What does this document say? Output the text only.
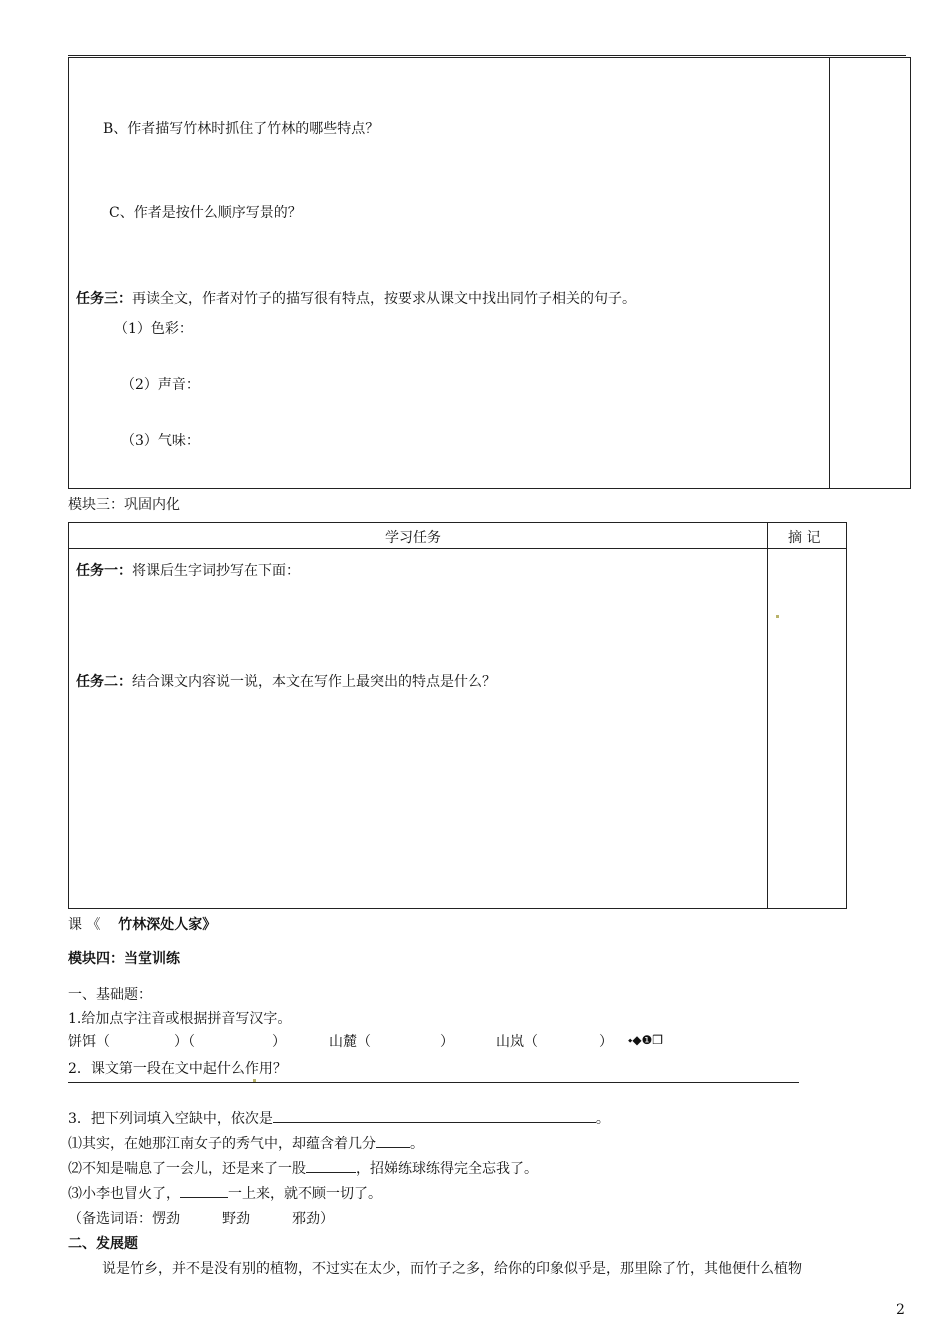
B、作者描写竹林时抓住了竹林的哪些特点？
C、作者是按什么顺序写景的？
任务三：再读全文，作者对竹子的描写很有特点，按要求从课文中找出同竹子相关的句子。
（1）色彩：
（2）声音：
（3）气味：
模块三：巩固内化
学习任务	摘 记
任务一：将课后生字词抄写在下面：
任务二：结合课文内容说一说，本文在写作上最突出的特点是什么？
课 《 竹林深处人家》
模块四：当堂训练
一、基础题：
1.给加点字注音或根据拼音写汉字。
饼饵（	）（	）	山麓（	）	山岚（	） ⬩◆❶❒
2．课文第一段在文中起什么作用？
3．把下列词填入空缺中，依次是	。
⑴其实，在她那江南女子的秀气中，却蕴含着几分 。
⑵不知是喘息了一会儿，还是来了一股	，招娣练球练得完全忘我了。
⑶小李也冒火了，	一上来，就不顾一切了。
（备选词语：愣劲　　　野劲　　　邪劲）
二、发展题
说是竹乡，并不是没有别的植物，不过实在太少，而竹子之多，给你的印象似乎是，那里除了竹，其他便什么植物
2
